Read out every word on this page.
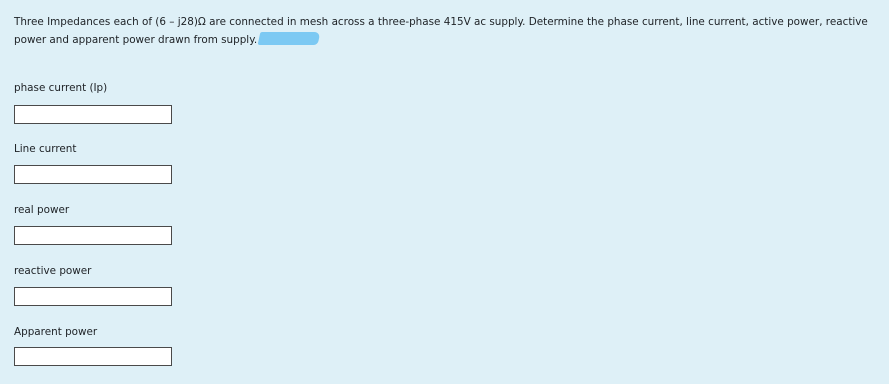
Three Impedances each of (6 – j28)Ω are connected in mesh across a three-phase 415V ac supply. Determine the phase current, line current, active power, reactive power and apparent power drawn from supply.
phase current (Ip)
Line current
real power
reactive power
Apparent power
